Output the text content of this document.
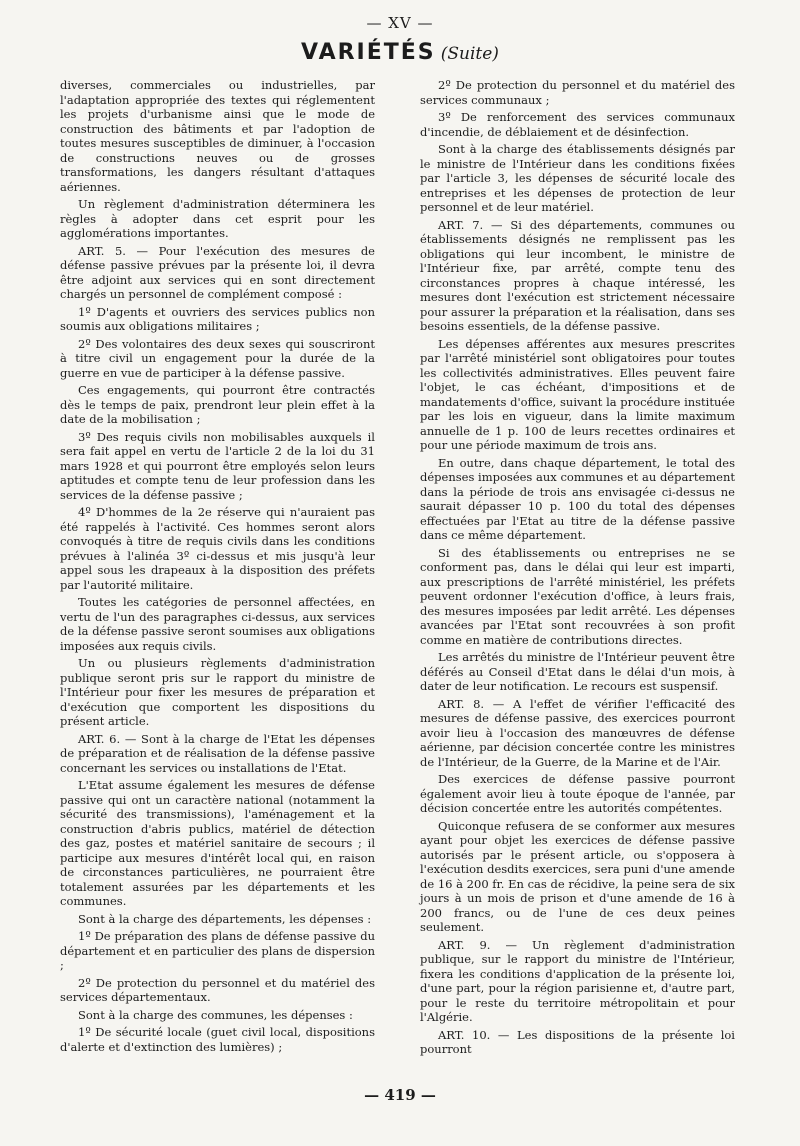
— XV —
VARIÉTÉS (Suite)

diverses, commerciales ou industrielles, par l'adaptation appropriée des textes qui réglementent les projets d'urbanisme ainsi que le mode de construction des bâtiments et par l'adoption de toutes mesures susceptibles de diminuer, à l'occasion de constructions neuves ou de grosses transformations, les dangers résultant d'attaques aériennes.

Un règlement d'administration déterminera les règles à adopter dans cet esprit pour les agglomérations importantes.

ART. 5. — Pour l'exécution des mesures de défense passive prévues par la présente loi, il devra être adjoint aux services qui en sont directement chargés un personnel de complément composé :

1º D'agents et ouvriers des services publics non soumis aux obligations militaires ;

2º Des volontaires des deux sexes qui souscriront à titre civil un engagement pour la durée de la guerre en vue de participer à la défense passive.

Ces engagements, qui pourront être contractés dès le temps de paix, prendront leur plein effet à la date de la mobilisation ;

3º Des requis civils non mobilisables auxquels il sera fait appel en vertu de l'article 2 de la loi du 31 mars 1928 et qui pourront être employés selon leurs aptitudes et compte tenu de leur profession dans les services de la défense passive ;

4º D'hommes de la 2e réserve qui n'auraient pas été rappelés à l'activité. Ces hommes seront alors convoqués à titre de requis civils dans les conditions prévues à l'alinéa 3º ci-dessus et mis jusqu'à leur appel sous les drapeaux à la disposition des préfets par l'autorité militaire.

Toutes les catégories de personnel affectées, en vertu de l'un des paragraphes ci-dessus, aux services de la défense passive seront soumises aux obligations imposées aux requis civils.

Un ou plusieurs règlements d'administration publique seront pris sur le rapport du ministre de l'Intérieur pour fixer les mesures de préparation et d'exécution que comportent les dispositions du présent article.

ART. 6. — Sont à la charge de l'Etat les dépenses de préparation et de réalisation de la défense passive concernant les services ou installations de l'Etat.

L'Etat assume également les mesures de défense passive qui ont un caractère national (notamment la sécurité des transmissions), l'aménagement et la construction d'abris publics, matériel de détection des gaz, postes et matériel sanitaire de secours ; il participe aux mesures d'intérêt local qui, en raison de circonstances particulières, ne pourraient être totalement assurées par les départements et les communes.

Sont à la charge des départements, les dépenses :

1º De préparation des plans de défense passive du département et en particulier des plans de dispersion ;

2º De protection du personnel et du matériel des services départementaux.

Sont à la charge des communes, les dépenses :

1º De sécurité locale (guet civil local, dispositions d'alerte et d'extinction des lumières) ;

2º De protection du personnel et du matériel des services communaux ;

3º De renforcement des services communaux d'incendie, de déblaiement et de désinfection.

Sont à la charge des établissements désignés par le ministre de l'Intérieur dans les conditions fixées par l'article 3, les dépenses de sécurité locale des entreprises et les dépenses de protection de leur personnel et de leur matériel.

ART. 7. — Si des départements, communes ou établissements désignés ne remplissent pas les obligations qui leur incombent, le ministre de l'Intérieur fixe, par arrêté, compte tenu des circonstances propres à chaque intéressé, les mesures dont l'exécution est strictement nécessaire pour assurer la préparation et la réalisation, dans ses besoins essentiels, de la défense passive.

Les dépenses afférentes aux mesures prescrites par l'arrêté ministériel sont obligatoires pour toutes les collectivités administratives. Elles peuvent faire l'objet, le cas échéant, d'impositions et de mandatements d'office, suivant la procédure instituée par les lois en vigueur, dans la limite maximum annuelle de 1 p. 100 de leurs recettes ordinaires et pour une période maximum de trois ans.

En outre, dans chaque département, le total des dépenses imposées aux communes et au département dans la période de trois ans envisagée ci-dessus ne saurait dépasser 10 p. 100 du total des dépenses effectuées par l'Etat au titre de la défense passive dans ce même département.

Si des établissements ou entreprises ne se conforment pas, dans le délai qui leur est imparti, aux prescriptions de l'arrêté ministériel, les préfets peuvent ordonner l'exécution d'office, à leurs frais, des mesures imposées par ledit arrêté. Les dépenses avancées par l'Etat sont recouvrées à son profit comme en matière de contributions directes.

Les arrêtés du ministre de l'Intérieur peuvent être déférés au Conseil d'Etat dans le délai d'un mois, à dater de leur notification. Le recours est suspensif.

ART. 8. — A l'effet de vérifier l'efficacité des mesures de défense passive, des exercices pourront avoir lieu à l'occasion des manœuvres de défense aérienne, par décision concertée contre les ministres de l'Intérieur, de la Guerre, de la Marine et de l'Air.

Des exercices de défense passive pourront également avoir lieu à toute époque de l'année, par décision concertée entre les autorités compétentes.

Quiconque refusera de se conformer aux mesures ayant pour objet les exercices de défense passive autorisés par le présent article, ou s'opposera à l'exécution desdits exercices, sera puni d'une amende de 16 à 200 fr. En cas de récidive, la peine sera de six jours à un mois de prison et d'une amende de 16 à 200 francs, ou de l'une de ces deux peines seulement.

ART. 9. — Un règlement d'administration publique, sur le rapport du ministre de l'Intérieur, fixera les conditions d'application de la présente loi, d'une part, pour la région parisienne et, d'autre part, pour le reste du territoire métropolitain et pour l'Algérie.

ART. 10. — Les dispositions de la présente loi pourront

— 419 —
